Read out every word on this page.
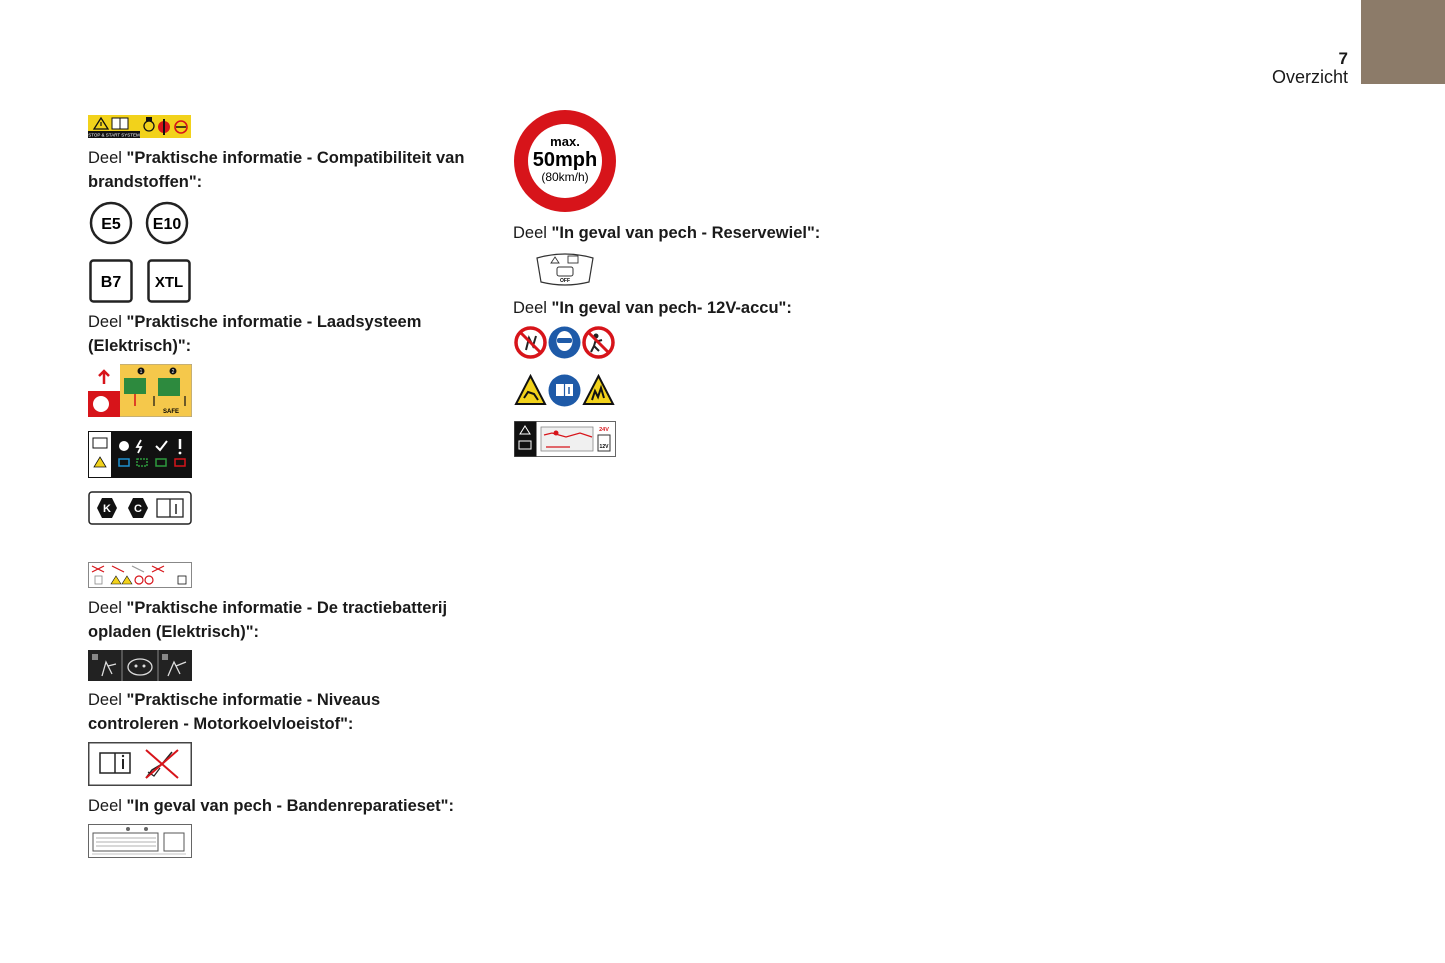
7
Overzicht
STOP & START SYSTEM
Deel "Praktische informatie - Compatibiliteit van brandstoffen":
E5 E10
B7 XTL
Deel "Praktische informatie - Laadsysteem (Elektrisch)":
1	2
SAFE
K C
Deel "Praktische informatie - De tractiebatterij opladen (Elektrisch)":
Deel "Praktische informatie - Niveaus controleren - Motorkoelvloeistof":
Deel "In geval van pech - Bandenreparatieset":
max.
50mph
(80km/h)
Deel "In geval van pech - Reservewiel":
OFF
Deel "In geval van pech- 12V-accu":
24V
12V
